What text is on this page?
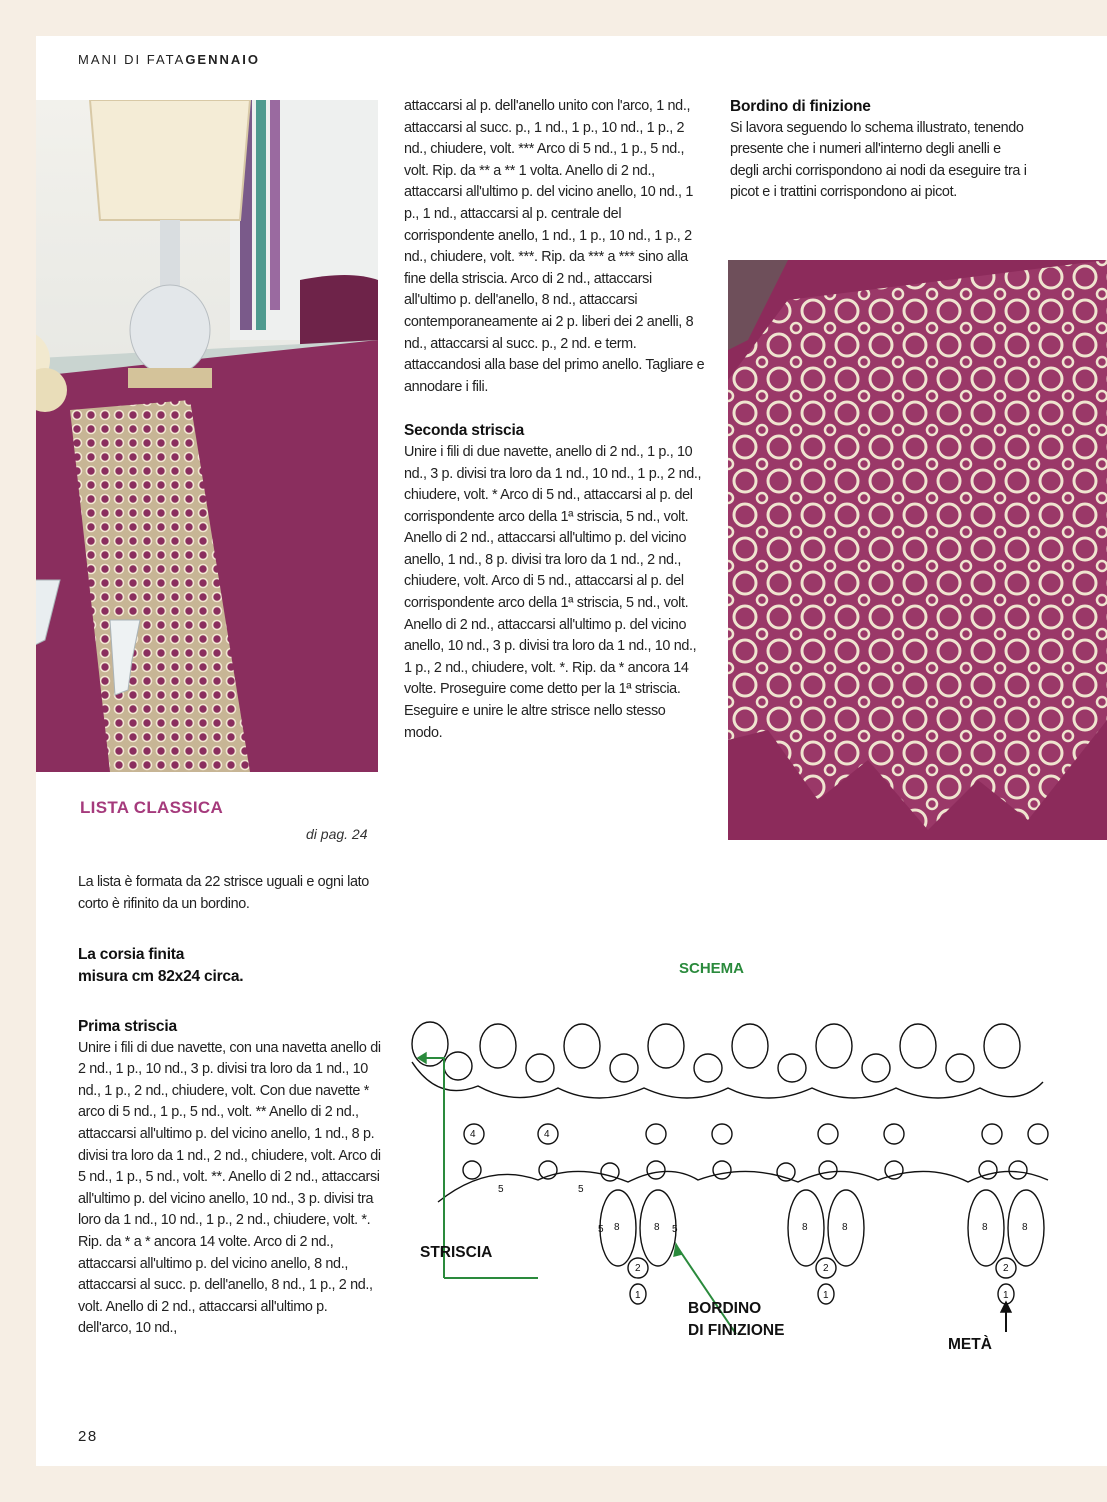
MANI DI FATAGENNAIO
LISTA CLASSICA
di pag. 24

La lista è formata da 22 strisce uguali e ogni lato corto è rifinito da un bordino.

La corsia finita
misura cm 82x24 circa.
Prima striscia

Unire i fili di due navette, con una navetta anello di 2 nd., 1 p., 10 nd., 3 p. divisi tra loro da 1 nd., 10 nd., 1 p., 2 nd., chiudere, volt. Con due navette * arco di 5 nd., 1 p., 5 nd., volt. ** Anello di 2 nd., attaccarsi all'ultimo p. del vicino anello, 1 nd., 8 p. divisi tra loro da 1 nd., 2 nd., chiudere, volt. Arco di 5 nd., 1 p., 5 nd., volt. **. Anello di 2 nd., attaccarsi all'ultimo p. del vicino anello, 10 nd., 3 p. divisi tra loro da 1 nd., 10 nd., 1 p., 2 nd., chiudere, volt. *. Rip. da * a * ancora 14 volte. Arco di 2 nd., attaccarsi all'ultimo p. del vicino anello, 8 nd., attaccarsi al succ. p. dell'anello, 8 nd., 1 p., 2 nd., volt. Anello di 2 nd., attaccarsi all'ultimo p. dell'arco, 10 nd.,

attaccarsi al p. dell'anello unito con l'arco, 1 nd., attaccarsi al succ. p., 1 nd., 1 p., 10 nd., 1 p., 2 nd., chiudere, volt. *** Arco di 5 nd., 1 p., 5 nd., volt. Rip. da ** a ** 1 volta. Anello di 2 nd., attaccarsi all'ultimo p. del vicino anello, 10 nd., 1 p., 1 nd., attaccarsi al p. centrale del corrispondente anello, 1 nd., 1 p., 10 nd., 1 p., 2 nd., chiudere, volt. ***. Rip. da *** a *** sino alla fine della striscia. Arco di 2 nd., attaccarsi all'ultimo p. dell'anello, 8 nd., attaccarsi contemporaneamente ai 2 p. liberi dei 2 anelli, 8 nd., attaccarsi al succ. p., 2 nd. e term. attaccandosi alla base del primo anello. Tagliare e annodare i fili.

Seconda striscia

Unire i fili di due navette, anello di 2 nd., 1 p., 10 nd., 3 p. divisi tra loro da 1 nd., 10 nd., 1 p., 2 nd., chiudere, volt. * Arco di 5 nd., attaccarsi al p. del corrispondente arco della 1ª striscia, 5 nd., volt. Anello di 2 nd., attaccarsi all'ultimo p. del vicino anello, 1 nd., 8 p. divisi tra loro da 1 nd., 2 nd., chiudere, volt. Arco di 5 nd., attaccarsi al p. del corrispondente arco della 1ª striscia, 5 nd., volt. Anello di 2 nd., attaccarsi all'ultimo p. del vicino anello, 10 nd., 3 p. divisi tra loro da 1 nd., 10 nd., 1 p., 2 nd., chiudere, volt. *. Rip. da * ancora 14 volte. Proseguire come detto per la 1ª striscia. Eseguire e unire le altre strisce nello stesso modo.

Bordino di finizione

Si lavora seguendo lo schema illustrato, tenendo presente che i numeri all'interno degli anelli e degli archi corrispondono ai nodi da eseguire tra i picot e i trattini corrispondono ai picot.

SCHEMA
8	8
2
1
8	8
2
1
8	8
2
1
5	5
5	5
4	4
STRISCIA
BORDINO
DI FINIZIONE
METÀ
28
